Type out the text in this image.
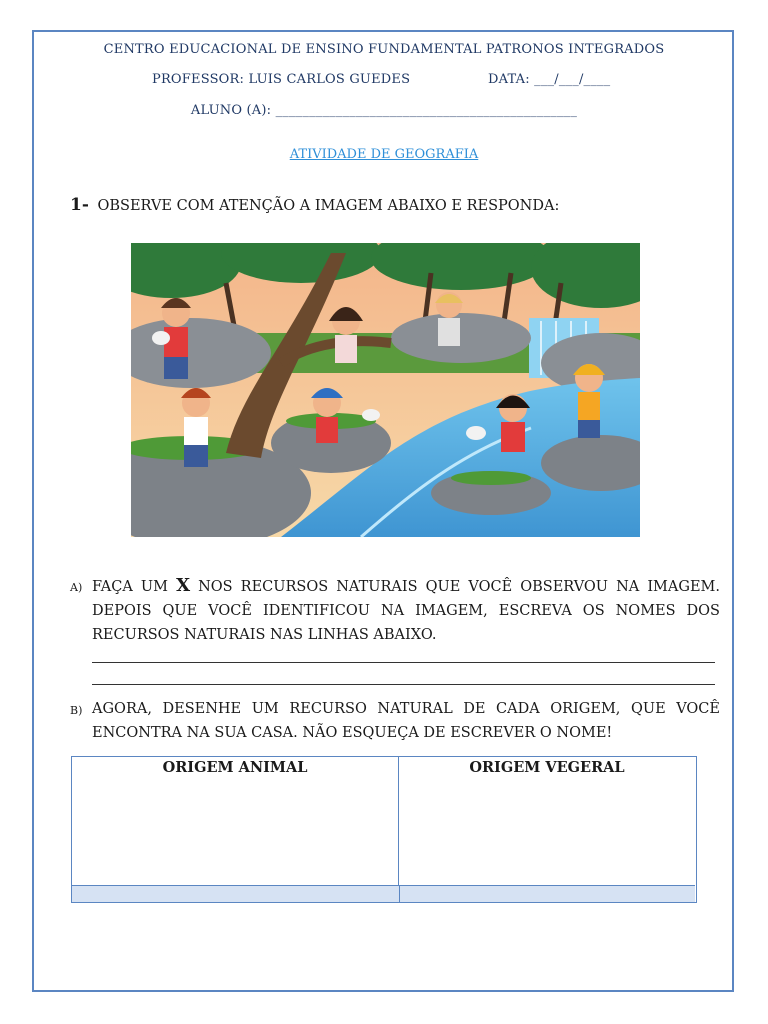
CENTRO EDUCACIONAL DE ENSINO FUNDAMENTAL PATRONOS INTEGRADOS
PROFESSOR: LUIS CARLOS GUEDES	DATA: ___/___/____
ALUNO (A): _____________________________________________
ATIVIDADE DE GEOGRAFIA
1- OBSERVE COM ATENÇÃO A IMAGEM ABAIXO E RESPONDA:
A) FAÇA UM X NOS RECURSOS NATURAIS QUE VOCÊ OBSERVOU NA IMAGEM. DEPOIS QUE VOCÊ IDENTIFICOU NA IMAGEM, ESCREVA OS NOMES DOS RECURSOS NATURAIS NAS LINHAS ABAIXO.
B) AGORA, DESENHE UM RECURSO NATURAL DE CADA ORIGEM, QUE VOCÊ ENCONTRA NA SUA CASA. NÃO ESQUEÇA DE ESCREVER O NOME!
ORIGEM ANIMAL	ORIGEM VEGERAL
